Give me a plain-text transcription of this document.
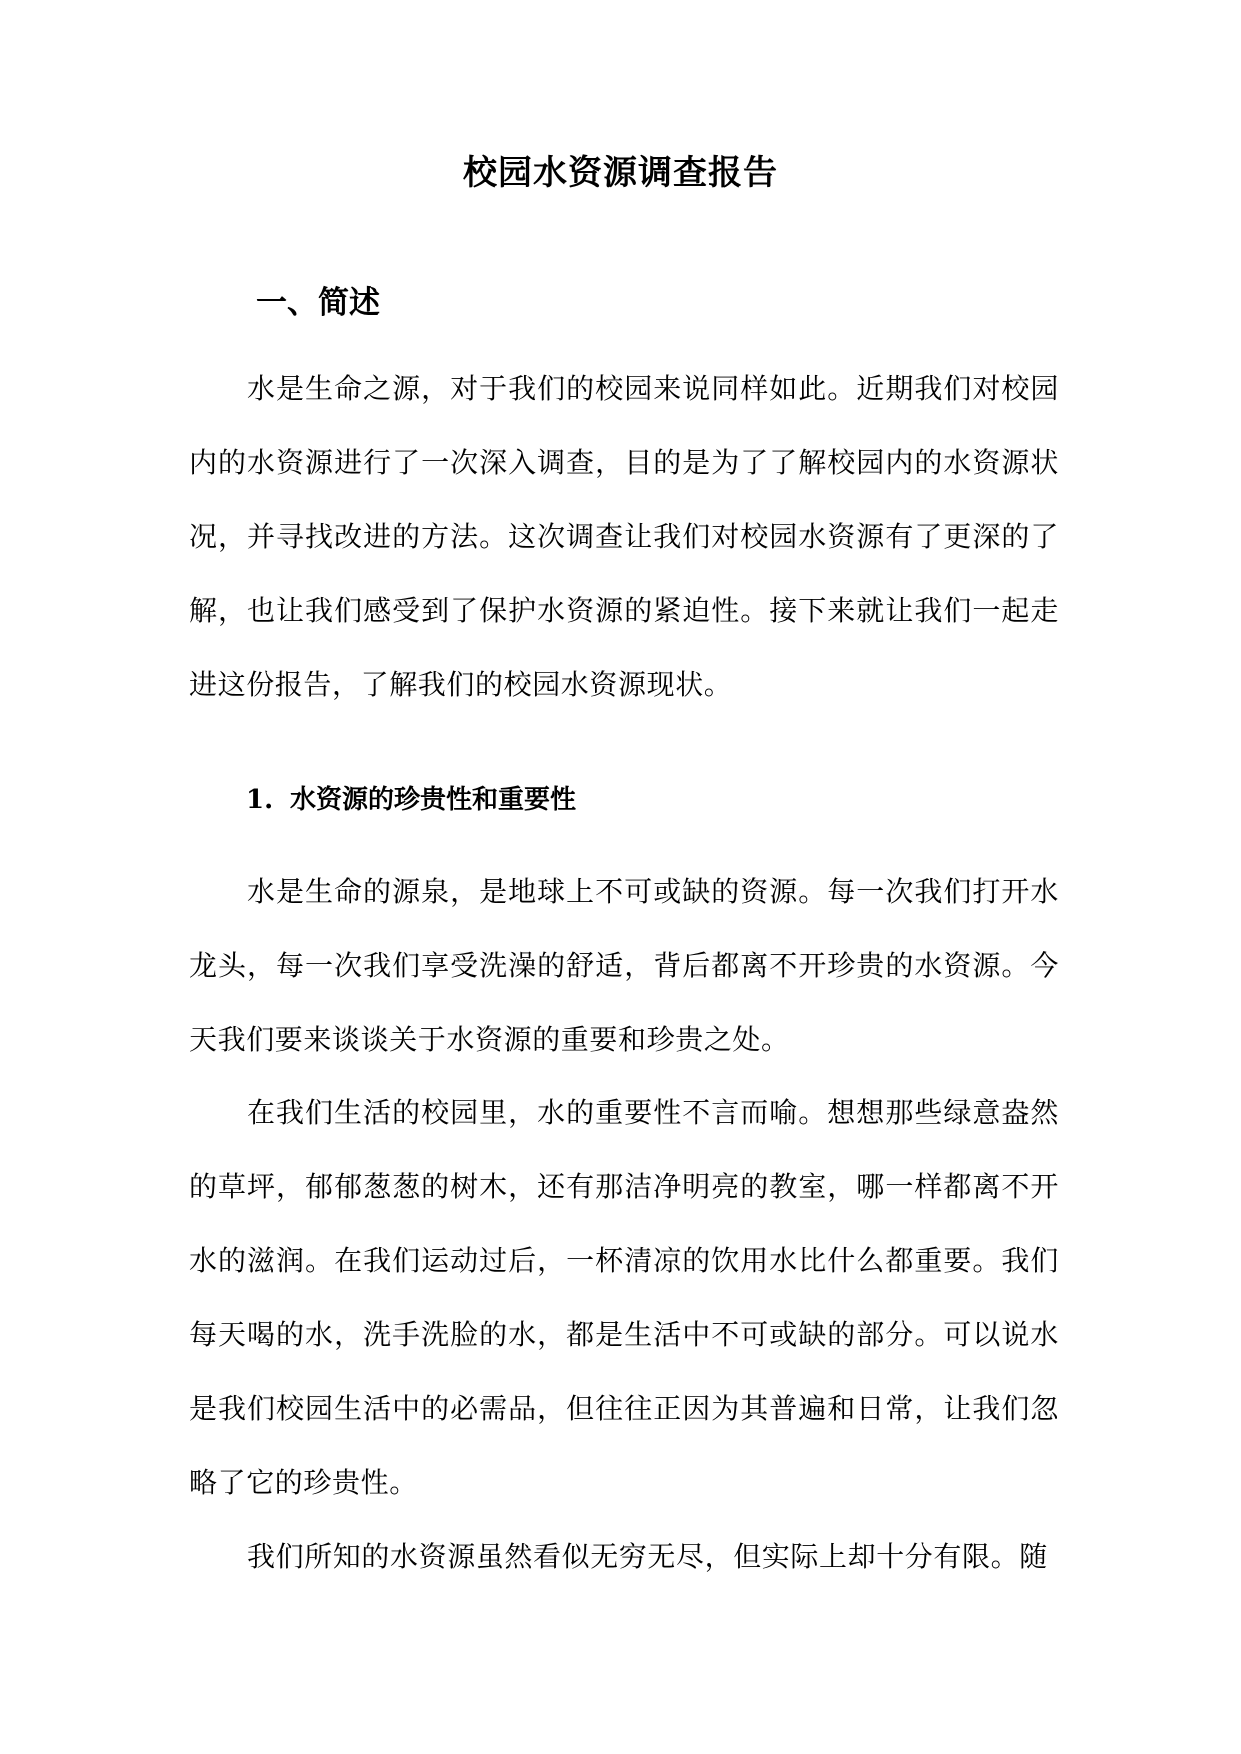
校园水资源调查报告
一、简述

水是生命之源，对于我们的校园来说同样如此。近期我们对校园内的水资源进行了一次深入调查，目的是为了了解校园内的水资源状况，并寻找改进的方法。这次调查让我们对校园水资源有了更深的了解，也让我们感受到了保护水资源的紧迫性。接下来就让我们一起走进这份报告，了解我们的校园水资源现状。

1. 水资源的珍贵性和重要性

水是生命的源泉，是地球上不可或缺的资源。每一次我们打开水龙头，每一次我们享受洗澡的舒适，背后都离不开珍贵的水资源。今天我们要来谈谈关于水资源的重要和珍贵之处。

在我们生活的校园里，水的重要性不言而喻。想想那些绿意盎然的草坪，郁郁葱葱的树木，还有那洁净明亮的教室，哪一样都离不开水的滋润。在我们运动过后，一杯清凉的饮用水比什么都重要。我们每天喝的水，洗手洗脸的水，都是生活中不可或缺的部分。可以说水是我们校园生活中的必需品，但往往正因为其普遍和日常，让我们忽略了它的珍贵性。

我们所知的水资源虽然看似无穷无尽，但实际上却十分有限。随
